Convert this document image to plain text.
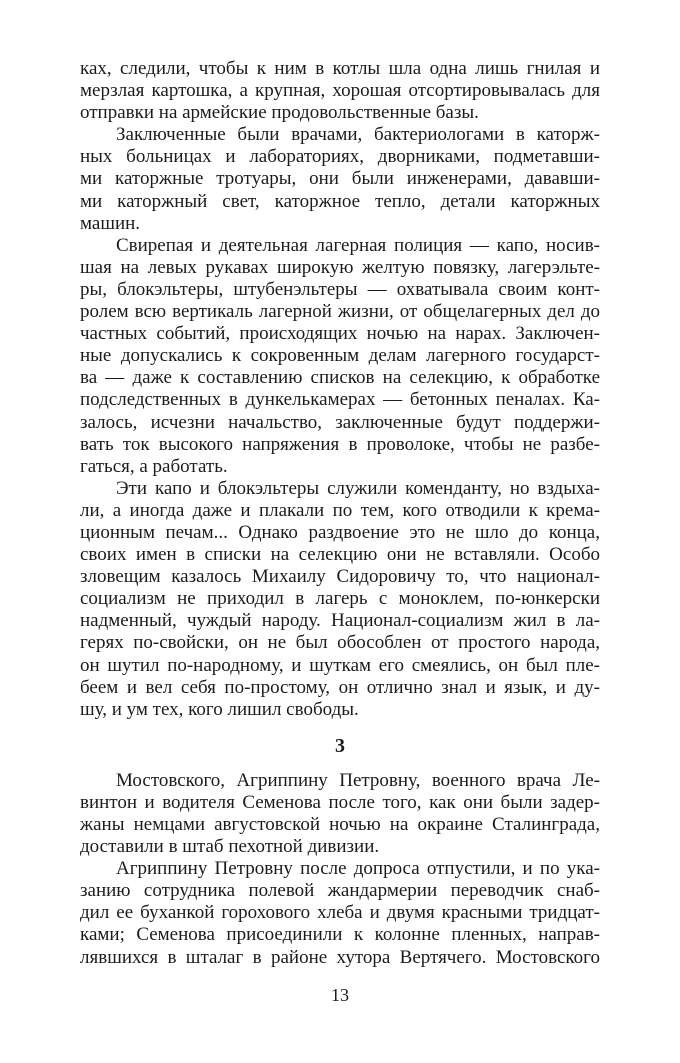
ках, следили, чтобы к ним в котлы шла одна лишь гнилая и
мерзлая картошка, а крупная, хорошая отсортировывалась для
отправки на армейские продовольственные базы.
Заключенные были врачами, бактериологами в каторж-
ных больницах и лабораториях, дворниками, подметавши-
ми каторжные тротуары, они были инженерами, дававши-
ми каторжный свет, каторжное тепло, детали каторжных
машин.
Свирепая и деятельная лагерная полиция — капо, носив-
шая на левых рукавах широкую желтую повязку, лагерэльте-
ры, блокэльтеры, штубенэльтеры — охватывала своим конт-
ролем всю вертикаль лагерной жизни, от общелагерных дел до
частных событий, происходящих ночью на нарах. Заключен-
ные допускались к сокровенным делам лагерного государст-
ва — даже к составлению списков на селекцию, к обработке
подследственных в дункелькамерах — бетонных пеналах. Ка-
залось, исчезни начальство, заключенные будут поддержи-
вать ток высокого напряжения в проволоке, чтобы не разбе-
гаться, а работать.
Эти капо и блокэльтеры служили коменданту, но вздыха-
ли, а иногда даже и плакали по тем, кого отводили к крема-
ционным печам... Однако раздвоение это не шло до конца,
своих имен в списки на селекцию они не вставляли. Особо
зловещим казалось Михаилу Сидоровичу то, что национал-
социализм не приходил в лагерь с моноклем, по-юнкерски
надменный, чуждый народу. Национал-социализм жил в ла-
герях по-свойски, он не был обособлен от простого народа,
он шутил по-народному, и шуткам его смеялись, он был пле-
беем и вел себя по-простому, он отлично знал и язык, и ду-
шу, и ум тех, кого лишил свободы.
3
Мостовского, Агриппину Петровну, военного врача Ле-
винтон и водителя Семенова после того, как они были задер-
жаны немцами августовской ночью на окраине Сталинграда,
доставили в штаб пехотной дивизии.
Агриппину Петровну после допроса отпустили, и по ука-
занию сотрудника полевой жандармерии переводчик снаб-
дил ее буханкой горохового хлеба и двумя красными тридцат-
ками; Семенова присоединили к колонне пленных, направ-
лявшихся в шталаг в районе хутора Вертячего. Мостовского
13
